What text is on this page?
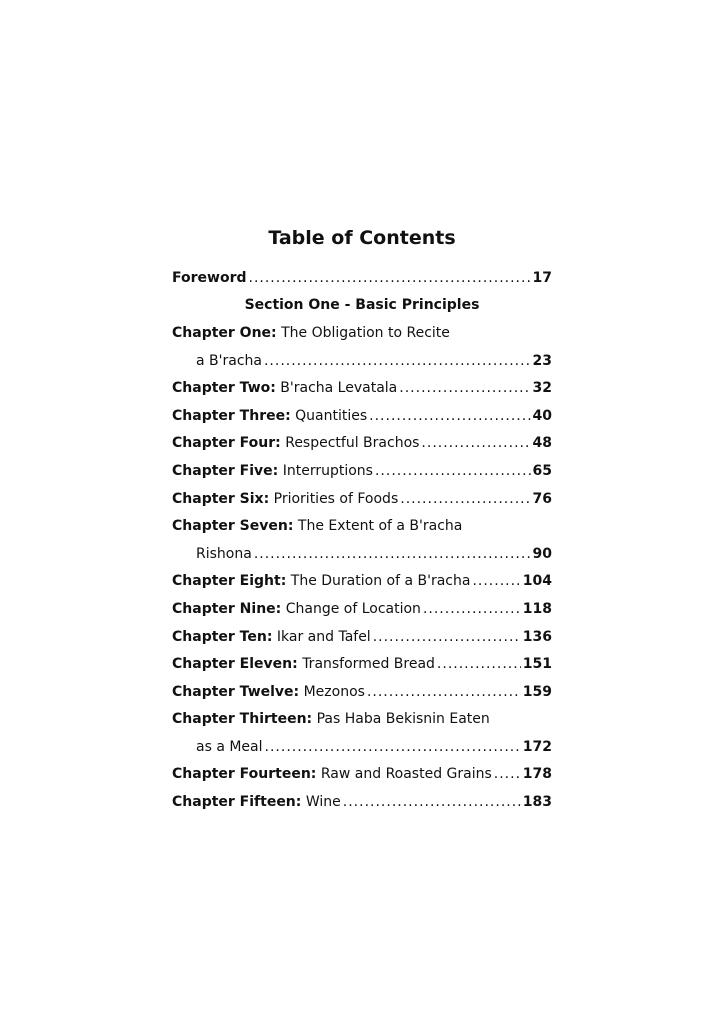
Table of Contents
Foreword .....	17
Section One - Basic Principles
Chapter One: The Obligation to Recite
a B'racha .....	23
Chapter Two: B'racha Levatala .....	32
Chapter Three: Quantities .....	40
Chapter Four: Respectful Brachos .....	48
Chapter Five: Interruptions .....	65
Chapter Six: Priorities of Foods .....	76
Chapter Seven: The Extent of a B'racha
Rishona .....	90
Chapter Eight: The Duration of a B'racha .....	104
Chapter Nine: Change of Location .....	118
Chapter Ten: Ikar and Tafel .....	136
Chapter Eleven: Transformed Bread .....	151
Chapter Twelve: Mezonos .....	159
Chapter Thirteen: Pas Haba Bekisnin Eaten
as a Meal .....	172
Chapter Fourteen: Raw and Roasted Grains ..... 178
Chapter Fifteen: Wine .....	183
